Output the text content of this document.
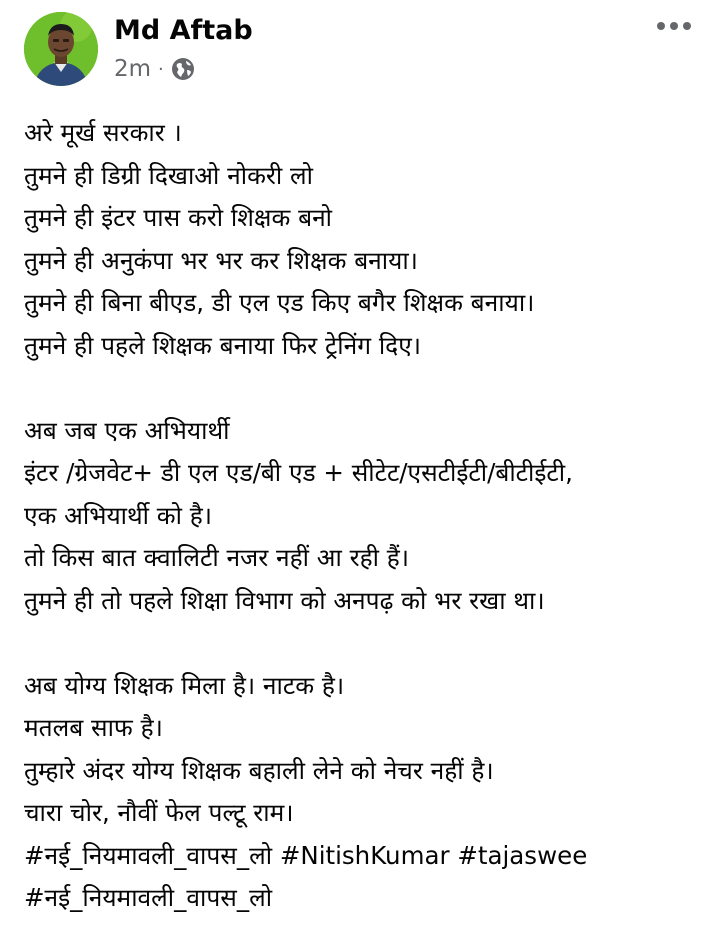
Md Aftab
2m ·
अरे मूर्ख सरकार ।
तुमने ही डिग्री दिखाओ नोकरी लो
तुमने ही इंटर पास करो शिक्षक बनो
तुमने ही अनुकंपा भर भर कर शिक्षक बनाया।
तुमने ही बिना बीएड, डी एल एड किए बगैर शिक्षक बनाया।
तुमने ही पहले शिक्षक बनाया फिर ट्रेनिंग दिए।
अब जब एक अभियार्थी
इंटर /ग्रेजवेट+ डी एल एड/बी एड + सीटेट/एसटीईटी/बीटीईटी,
एक अभियार्थी को है।
तो किस बात क्वालिटी नजर नहीं आ रही हैं।
तुमने ही तो पहले शिक्षा विभाग को अनपढ़ को भर रखा था।
अब योग्य शिक्षक मिला है। नाटक है।
मतलब साफ है।
तुम्हारे अंदर योग्य शिक्षक बहाली लेने को नेचर नहीं है।
चारा चोर, नौवीं फेल पल्टू राम।
#नई_नियमावली_वापस_लो #NitishKumar #tajaswee
#नई_नियमावली_वापस_लो
